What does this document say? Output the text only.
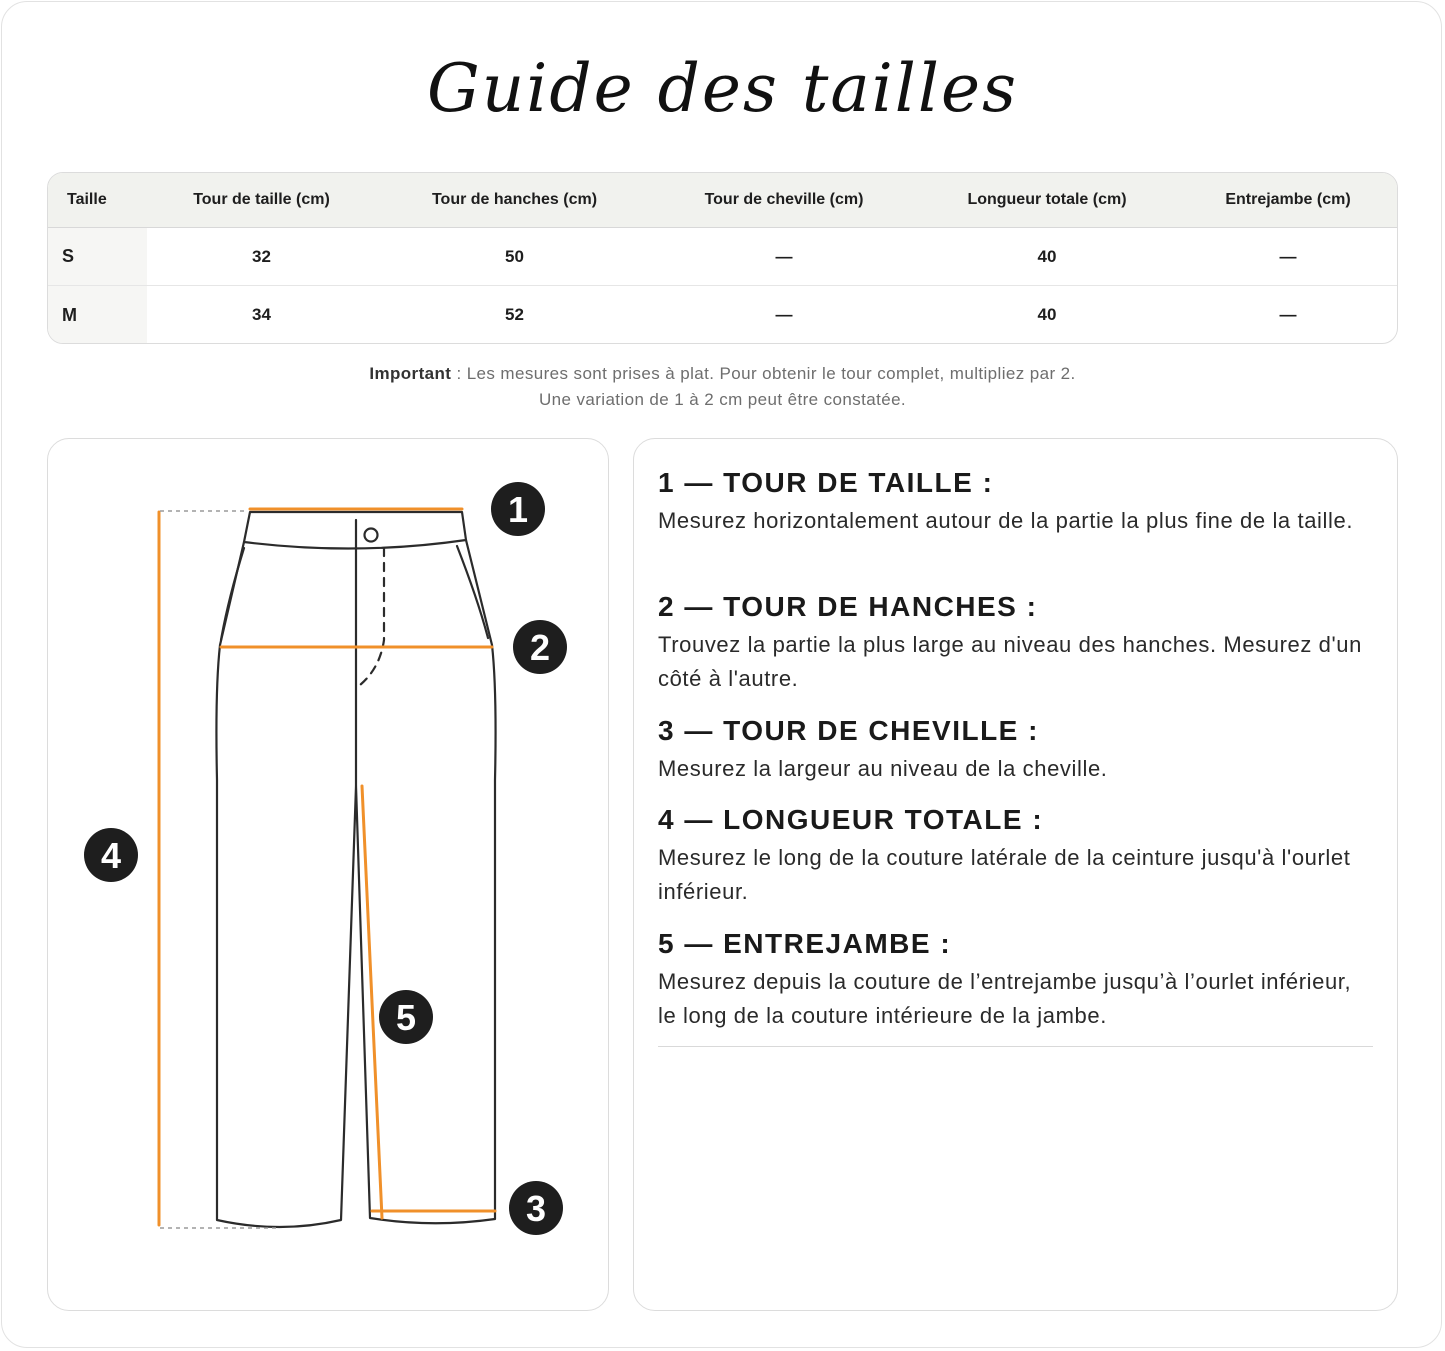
Guide des tailles
Taille	Tour de taille (cm)	Tour de hanches (cm)	Tour de cheville (cm)	Longueur totale (cm)	Entrejambe (cm)
S	32	50	—	40	—
M	34	52	—	40	—
Important : Les mesures sont prises à plat. Pour obtenir le tour complet, multipliez par 2.
Une variation de 1 à 2 cm peut être constatée.
1
2
3
4
5
1 — TOUR DE TAILLE :
Mesurez horizontalement autour de la partie la plus fine de la taille.
2 — TOUR DE HANCHES :
Trouvez la partie la plus large au niveau des hanches. Mesurez d'un côté à l'autre.
3 — TOUR DE CHEVILLE :
Mesurez la largeur au niveau de la cheville.
4 — LONGUEUR TOTALE :
Mesurez le long de la couture latérale de la ceinture jusqu'à l'ourlet inférieur.
5 — ENTREJAMBE :
Mesurez depuis la couture de l’entrejambe jusqu’à l’ourlet inférieur, le long de la couture intérieure de la jambe.
